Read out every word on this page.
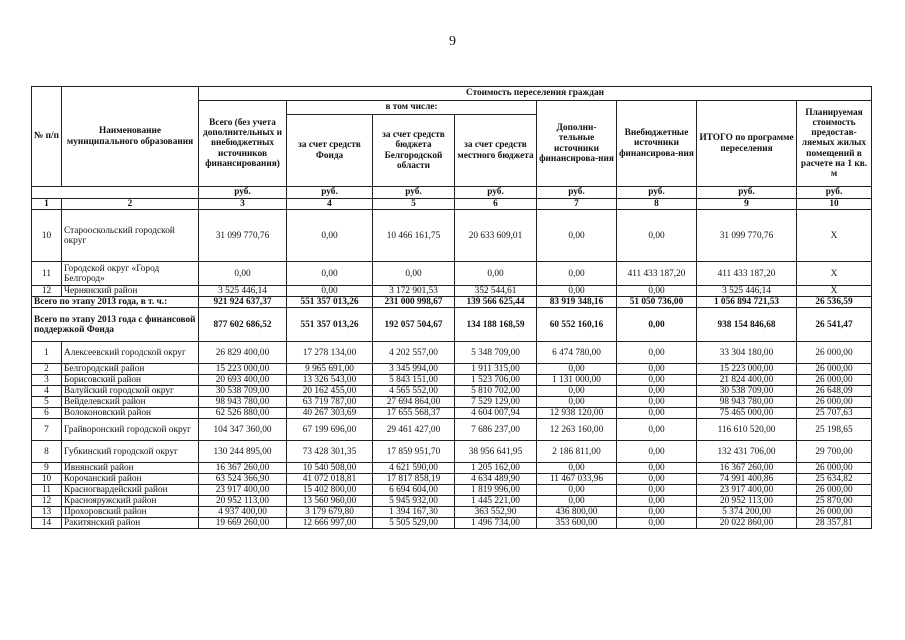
9
№ п/п	Наименование муниципального образования	Стоимость переселения граждан							
		Всего (без учета дополнительных и внебюджетных источников финансирования)	в том числе:			Дополни-тельные источники финансирова-ния	Внебюджетные источники финансирова-ния	ИТОГО по программе переселения	Планируемая стоимость предостав-ляемых жилых помещений в расчете на 1 кв. м
			за счет средств Фонда	за счет средств бюджета Белгородской области	за счет средств местного бюджета				
		руб.	руб.	руб.	руб.	руб.	руб.	руб.	руб.
1	2	3	4	5	6	7	8	9	10
10	Старооскольский городской округ	31 099 770,76	0,00	10 466 161,75	20 633 609,01	0,00	0,00	31 099 770,76	X
11	Городской округ «Город Белгород»	0,00	0,00	0,00	0,00	0,00	411 433 187,20	411 433 187,20	X
12	Чернянский район	3 525 446,14	0,00	3 172 901,53	352 544,61	0,00	0,00	3 525 446,14	X
Всего по этапу 2013 года, в т. ч.:		921 924 637,37	551 357 013,26	231 000 998,67	139 566 625,44	83 919 348,16	51 050 736,00	1 056 894 721,53	26 536,59
Всего по этапу 2013 года с финансовой поддержкой Фонда		877 602 686,52	551 357 013,26	192 057 504,67	134 188 168,59	60 552 160,16	0,00	938 154 846,68	26 541,47
1	Алексеевский городской округ	26 829 400,00	17 278 134,00	4 202 557,00	5 348 709,00	6 474 780,00	0,00	33 304 180,00	26 000,00
2	Белгородский район	15 223 000,00	9 965 691,00	3 345 994,00	1 911 315,00	0,00	0,00	15 223 000,00	26 000,00
3	Борисовский район	20 693 400,00	13 326 543,00	5 843 151,00	1 523 706,00	1 131 000,00	0,00	21 824 400,00	26 000,00
4	Валуйский городской округ	30 538 709,00	20 162 455,00	4 565 552,00	5 810 702,00	0,00	0,00	30 538 709,00	26 648,09
5	Вейделевский район	98 943 780,00	63 719 787,00	27 694 864,00	7 529 129,00	0,00	0,00	98 943 780,00	26 000,00
6	Волоконовский район	62 526 880,00	40 267 303,69	17 655 568,37	4 604 007,94	12 938 120,00	0,00	75 465 000,00	25 707,63
7	Грайворонский городской округ	104 347 360,00	67 199 696,00	29 461 427,00	7 686 237,00	12 263 160,00	0,00	116 610 520,00	25 198,65
8	Губкинский городской округ	130 244 895,00	73 428 301,35	17 859 951,70	38 956 641,95	2 186 811,00	0,00	132 431 706,00	29 700,00
9	Ивнянский район	16 367 260,00	10 540 508,00	4 621 590,00	1 205 162,00	0,00	0,00	16 367 260,00	26 000,00
10	Корочанский район	63 524 366,90	41 072 018,81	17 817 858,19	4 634 489,90	11 467 033,96	0,00	74 991 400,86	25 634,82
11	Красногвардейский район	23 917 400,00	15 402 800,00	6 694 604,00	1 819 996,00	0,00	0,00	23 917 400,00	26 000,00
12	Краснояружский район	20 952 113,00	13 560 960,00	5 945 932,00	1 445 221,00	0,00	0,00	20 952 113,00	25 870,00
13	Прохоровский район	4 937 400,00	3 179 679,80	1 394 167,30	363 552,90	436 800,00	0,00	5 374 200,00	26 000,00
14	Ракитянский район	19 669 260,00	12 666 997,00	5 505 529,00	1 496 734,00	353 600,00	0,00	20 022 860,00	28 357,81
